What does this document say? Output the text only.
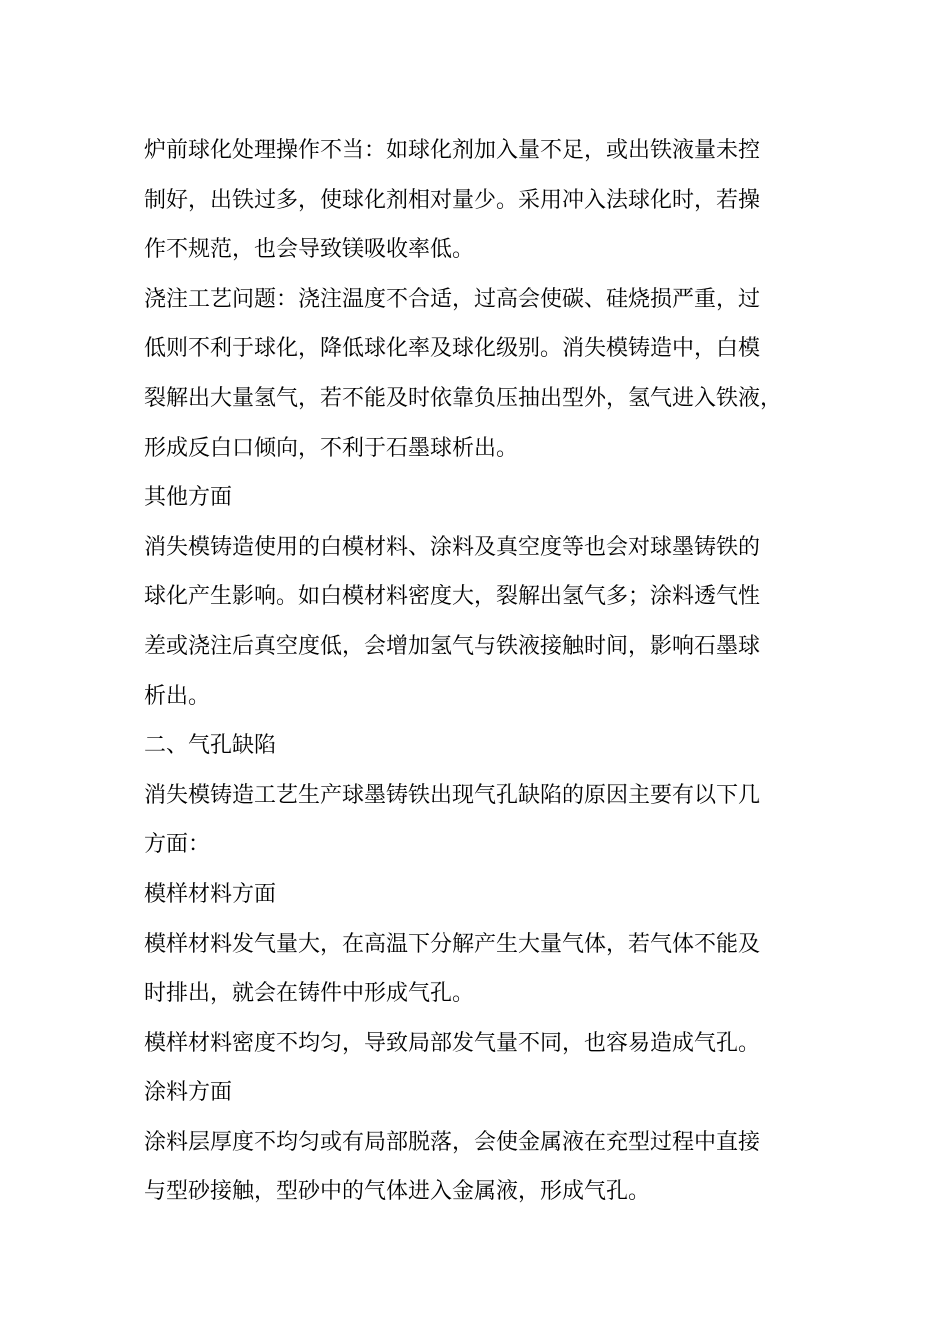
炉前球化处理操作不当：如球化剂加入量不足，或出铁液量未控

制好，出铁过多，使球化剂相对量少。采用冲入法球化时，若操

作不规范，也会导致镁吸收率低。

浇注工艺问题：浇注温度不合适，过高会使碳、硅烧损严重，过

低则不利于球化，降低球化率及球化级别。消失模铸造中，白模

裂解出大量氢气，若不能及时依靠负压抽出型外，氢气进入铁液，

形成反白口倾向，不利于石墨球析出。

其他方面

消失模铸造使用的白模材料、涂料及真空度等也会对球墨铸铁的

球化产生影响。如白模材料密度大，裂解出氢气多；涂料透气性

差或浇注后真空度低，会增加氢气与铁液接触时间，影响石墨球

析出。

二、气孔缺陷

消失模铸造工艺生产球墨铸铁出现气孔缺陷的原因主要有以下几

方面：

模样材料方面

模样材料发气量大，在高温下分解产生大量气体，若气体不能及

时排出，就会在铸件中形成气孔。

模样材料密度不均匀，导致局部发气量不同，也容易造成气孔。

涂料方面

涂料层厚度不均匀或有局部脱落，会使金属液在充型过程中直接

与型砂接触，型砂中的气体进入金属液，形成气孔。
